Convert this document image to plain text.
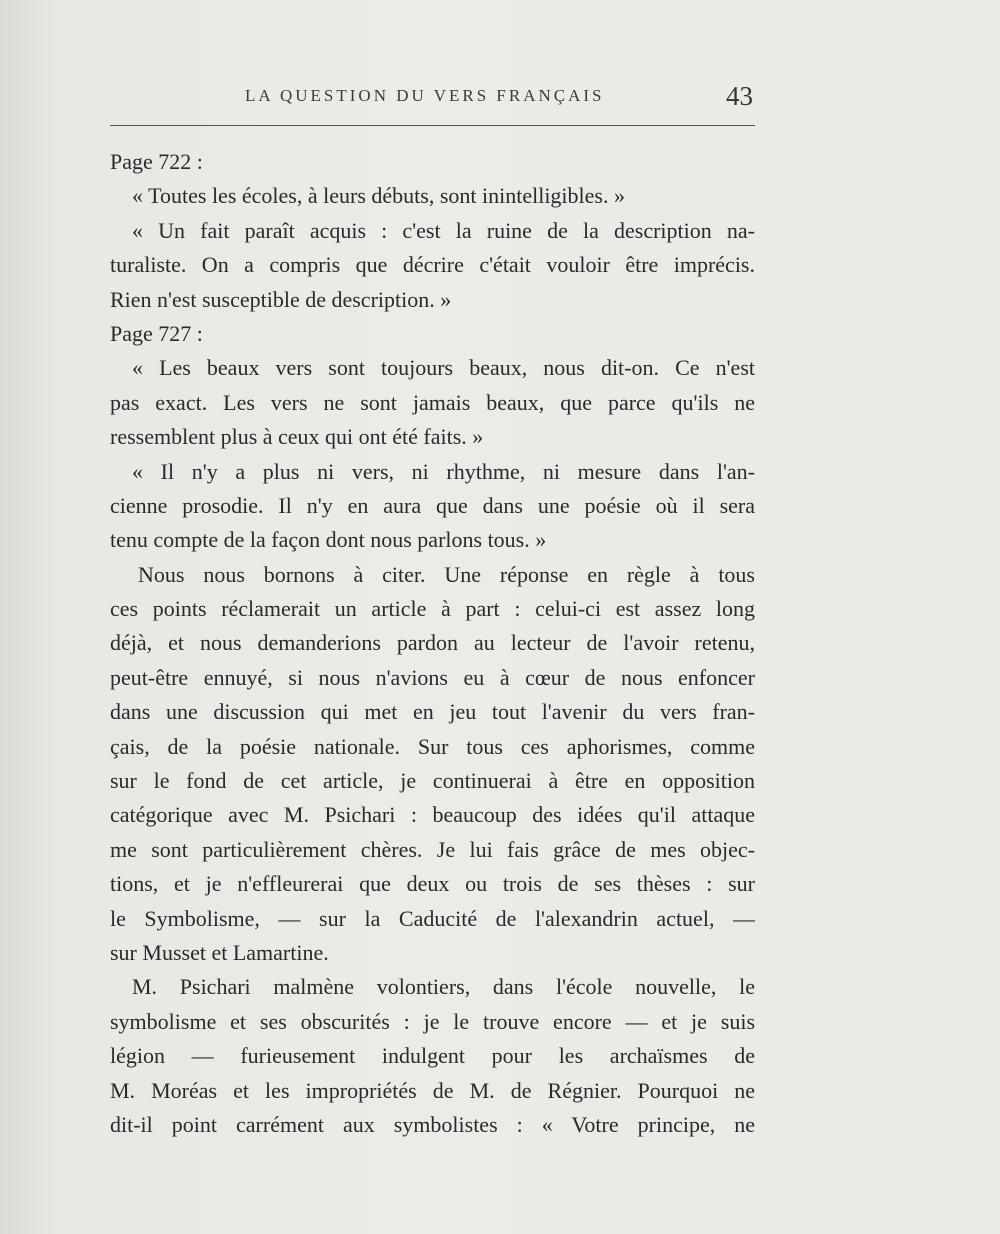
LA QUESTION DU VERS FRANÇAIS	43
Page 722 :
« Toutes les écoles, à leurs débuts, sont inintelligibles. »
« Un fait paraît acquis : c'est la ruine de la description na-
turaliste. On a compris que décrire c'était vouloir être imprécis.
Rien n'est susceptible de description. »
Page 727 :
« Les beaux vers sont toujours beaux, nous dit-on. Ce n'est
pas exact. Les vers ne sont jamais beaux, que parce qu'ils ne
ressemblent plus à ceux qui ont été faits. »
« Il n'y a plus ni vers, ni rhythme, ni mesure dans l'an-
cienne prosodie. Il n'y en aura que dans une poésie où il sera
tenu compte de la façon dont nous parlons tous. »
Nous nous bornons à citer. Une réponse en règle à tous
ces points réclamerait un article à part : celui-ci est assez long
déjà, et nous demanderions pardon au lecteur de l'avoir retenu,
peut-être ennuyé, si nous n'avions eu à cœur de nous enfoncer
dans une discussion qui met en jeu tout l'avenir du vers fran-
çais, de la poésie nationale. Sur tous ces aphorismes, comme
sur le fond de cet article, je continuerai à être en opposition
catégorique avec M. Psichari : beaucoup des idées qu'il attaque
me sont particulièrement chères. Je lui fais grâce de mes objec-
tions, et je n'effleurerai que deux ou trois de ses thèses : sur
le Symbolisme, — sur la Caducité de l'alexandrin actuel, —
sur Musset et Lamartine.
M. Psichari malmène volontiers, dans l'école nouvelle, le
symbolisme et ses obscurités : je le trouve encore — et je suis
légion — furieusement indulgent pour les archaïsmes de
M. Moréas et les impropriétés de M. de Régnier. Pourquoi ne
dit-il point carrément aux symbolistes : « Votre principe, ne
